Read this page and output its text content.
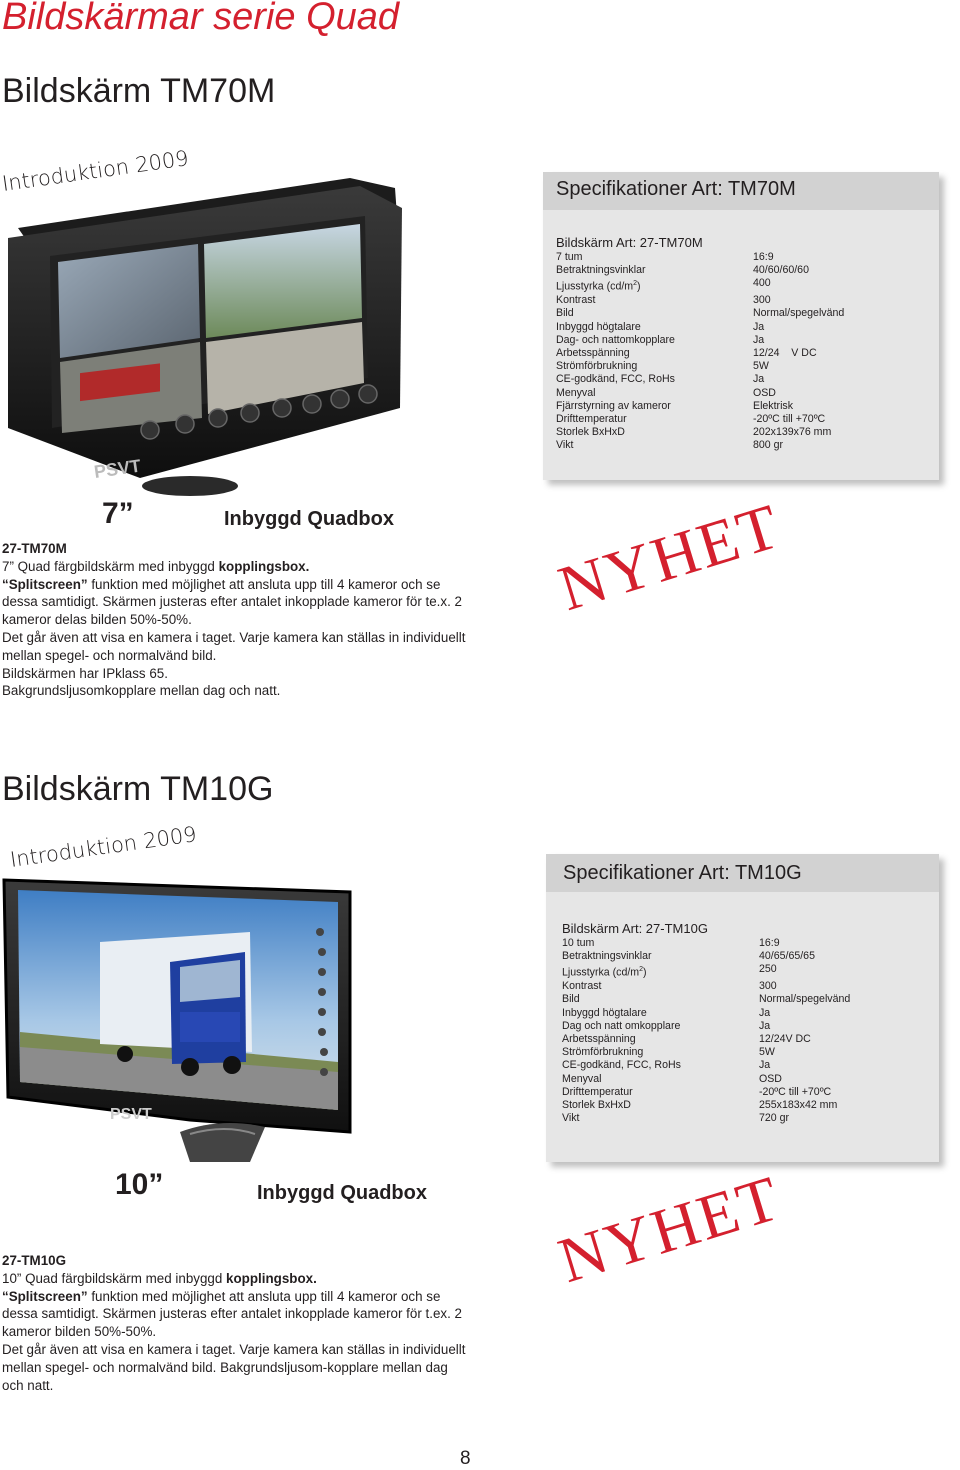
Bildskärmar serie Quad
Bildskärm TM70M
Introduktion 2009
PSVT
Specifikationer Art: TM70M
Bildskärm Art: 27-TM70M
7 tum	16:9
Betraktningsvinklar	40/60/60/60
Ljusstyrka $(cd/m^2)$	400
Kontrast	300
Bild	Normal/spegelvänd
Inbyggd högtalare	Ja
Dag- och nattomkopplare	Ja
Arbetsspänning	12/24    V DC
Strömförbrukning	5W
CE-godkänd, FCC, RoHs	Ja
Menyval	OSD
Fjärrstyrning av kameror	Elektrisk
Drifttemperatur	-20ºC till +70ºC
Storlek BxHxD	202x139x76 mm
Vikt	800 gr
7”	Inbyggd Quadbox
27-TM70M
7” Quad färgbildskärm med inbyggd kopplingsbox.
“Splitscreen” funktion med möjlighet att ansluta upp till 4 kameror och se dessa samtidigt. Skärmen justeras efter antalet inkopplade kameror för te.x. 2 kameror delas bilden 50%-50%.
Det går även att visa en kamera i taget. Varje kamera kan ställas in individuellt mellan spegel- och normalvänd bild.
Bildskärmen har IPklass 65.
Bakgrundsljusomkopplare mellan dag och natt.
NYHET
Bildskärm TM10G
Introduktion 2009
PSVT
Specifikationer Art: TM10G
Bildskärm Art: 27-TM10G
10 tum	16:9
Betraktningsvinklar	40/65/65/65
Ljusstyrka $(cd/m^2)$	250
Kontrast	300
Bild	Normal/spegelvänd
Inbyggd högtalare	Ja
Dag och natt omkopplare	Ja
Arbetsspänning	12/24V DC
Strömförbrukning	5W
CE-godkänd, FCC, RoHs	Ja
Menyval	OSD
Drifttemperatur	-20ºC till +70ºC
Storlek BxHxD	255x183x42 mm
Vikt	720 gr
10”	Inbyggd Quadbox
27-TM10G
10” Quad färgbildskärm med inbyggd kopplingsbox.
“Splitscreen” funktion med möjlighet att ansluta upp till 4 kameror och se dessa samtidigt. Skärmen justeras efter antalet inkopplade kameror för t.ex. 2 kameror bilden 50%-50%.
Det går även att visa en kamera i taget. Varje kamera kan ställas in individuellt mellan spegel- och normalvänd bild. Bakgrundsljusom-kopplare mellan dag och natt.
NYHET
8
